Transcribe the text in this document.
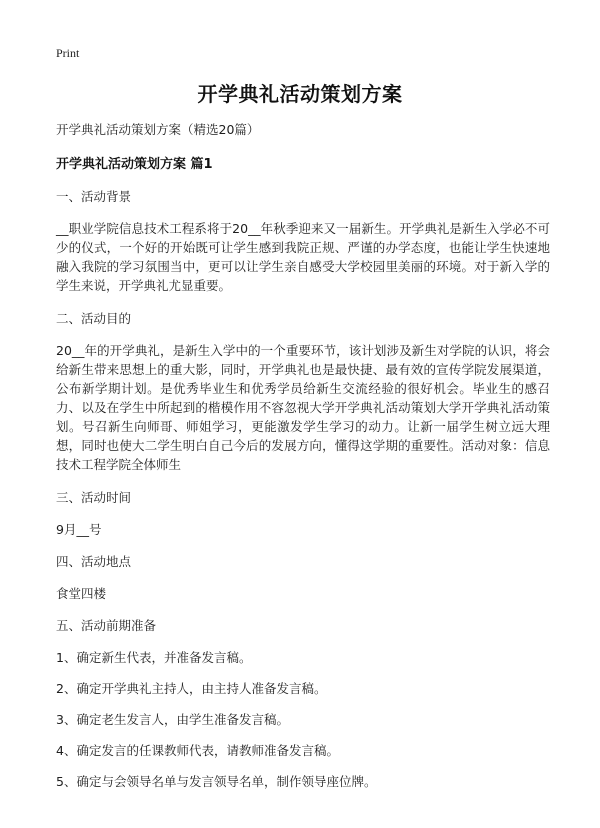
Print
开学典礼活动策划方案

开学典礼活动策划方案（精选20篇）

开学典礼活动策划方案 篇1

一、活动背景

__职业学院信息技术工程系将于20__年秋季迎来又一届新生。开学典礼是新生入学必不可少的仪式，一个好的开始既可让学生感到我院正规、严谨的办学态度，也能让学生快速地融入我院的学习氛围当中，更可以让学生亲自感受大学校园里美丽的环境。对于新入学的学生来说，开学典礼尤显重要。

二、活动目的

20__年的开学典礼，是新生入学中的一个重要环节，该计划涉及新生对学院的认识，将会给新生带来思想上的重大影，同时，开学典礼也是最快捷、最有效的宣传学院发展渠道，公布新学期计划。是优秀毕业生和优秀学员给新生交流经验的很好机会。毕业生的感召力、以及在学生中所起到的楷模作用不容忽视大学开学典礼活动策划大学开学典礼活动策划。号召新生向师哥、师姐学习，更能激发学生学习的动力。让新一届学生树立远大理想，同时也使大二学生明白自己今后的发展方向，懂得这学期的重要性。活动对象：信息技术工程学院全体师生

三、活动时间

9月__号

四、活动地点

食堂四楼

五、活动前期准备

1、确定新生代表，并准备发言稿。

2、确定开学典礼主持人，由主持人准备发言稿。

3、确定老生发言人，由学生准备发言稿。

4、确定发言的任课教师代表，请教师准备发言稿。

5、确定与会领导名单与发言领导名单，制作领导座位牌。
